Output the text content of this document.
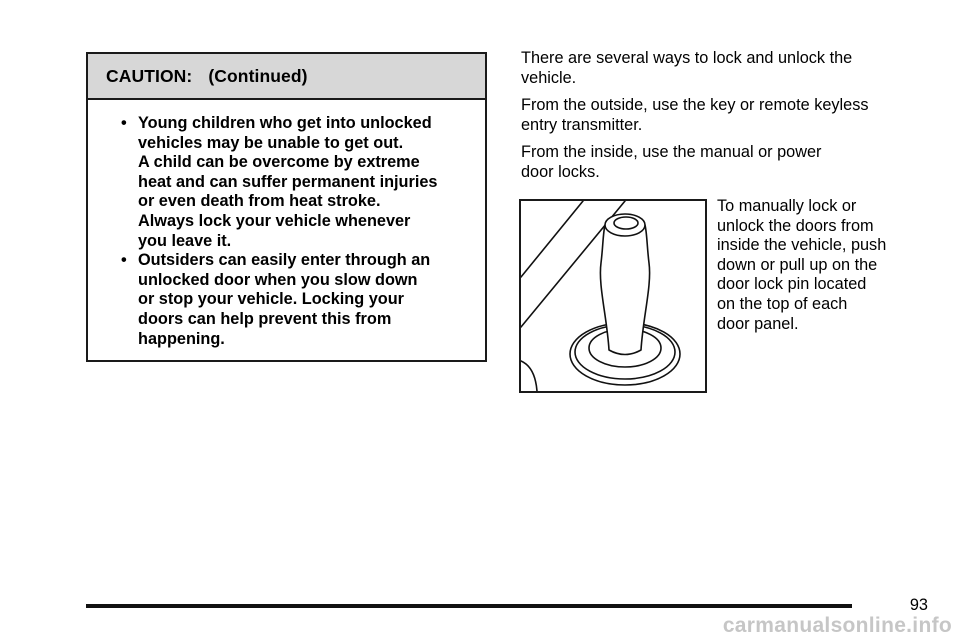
CAUTION: (Continued)
• Young children who get into unlocked
vehicles may be unable to get out.
A child can be overcome by extreme
heat and can suffer permanent injuries
or even death from heat stroke.
Always lock your vehicle whenever
you leave it.
• Outsiders can easily enter through an
unlocked door when you slow down
or stop your vehicle. Locking your
doors can help prevent this from
happening.
There are several ways to lock and unlock the
vehicle.
From the outside, use the key or remote keyless
entry transmitter.
From the inside, use the manual or power
door locks.
To manually lock or
unlock the doors from
inside the vehicle, push
down or pull up on the
door lock pin located
on the top of each
door panel.
93
carmanualsonline.info
